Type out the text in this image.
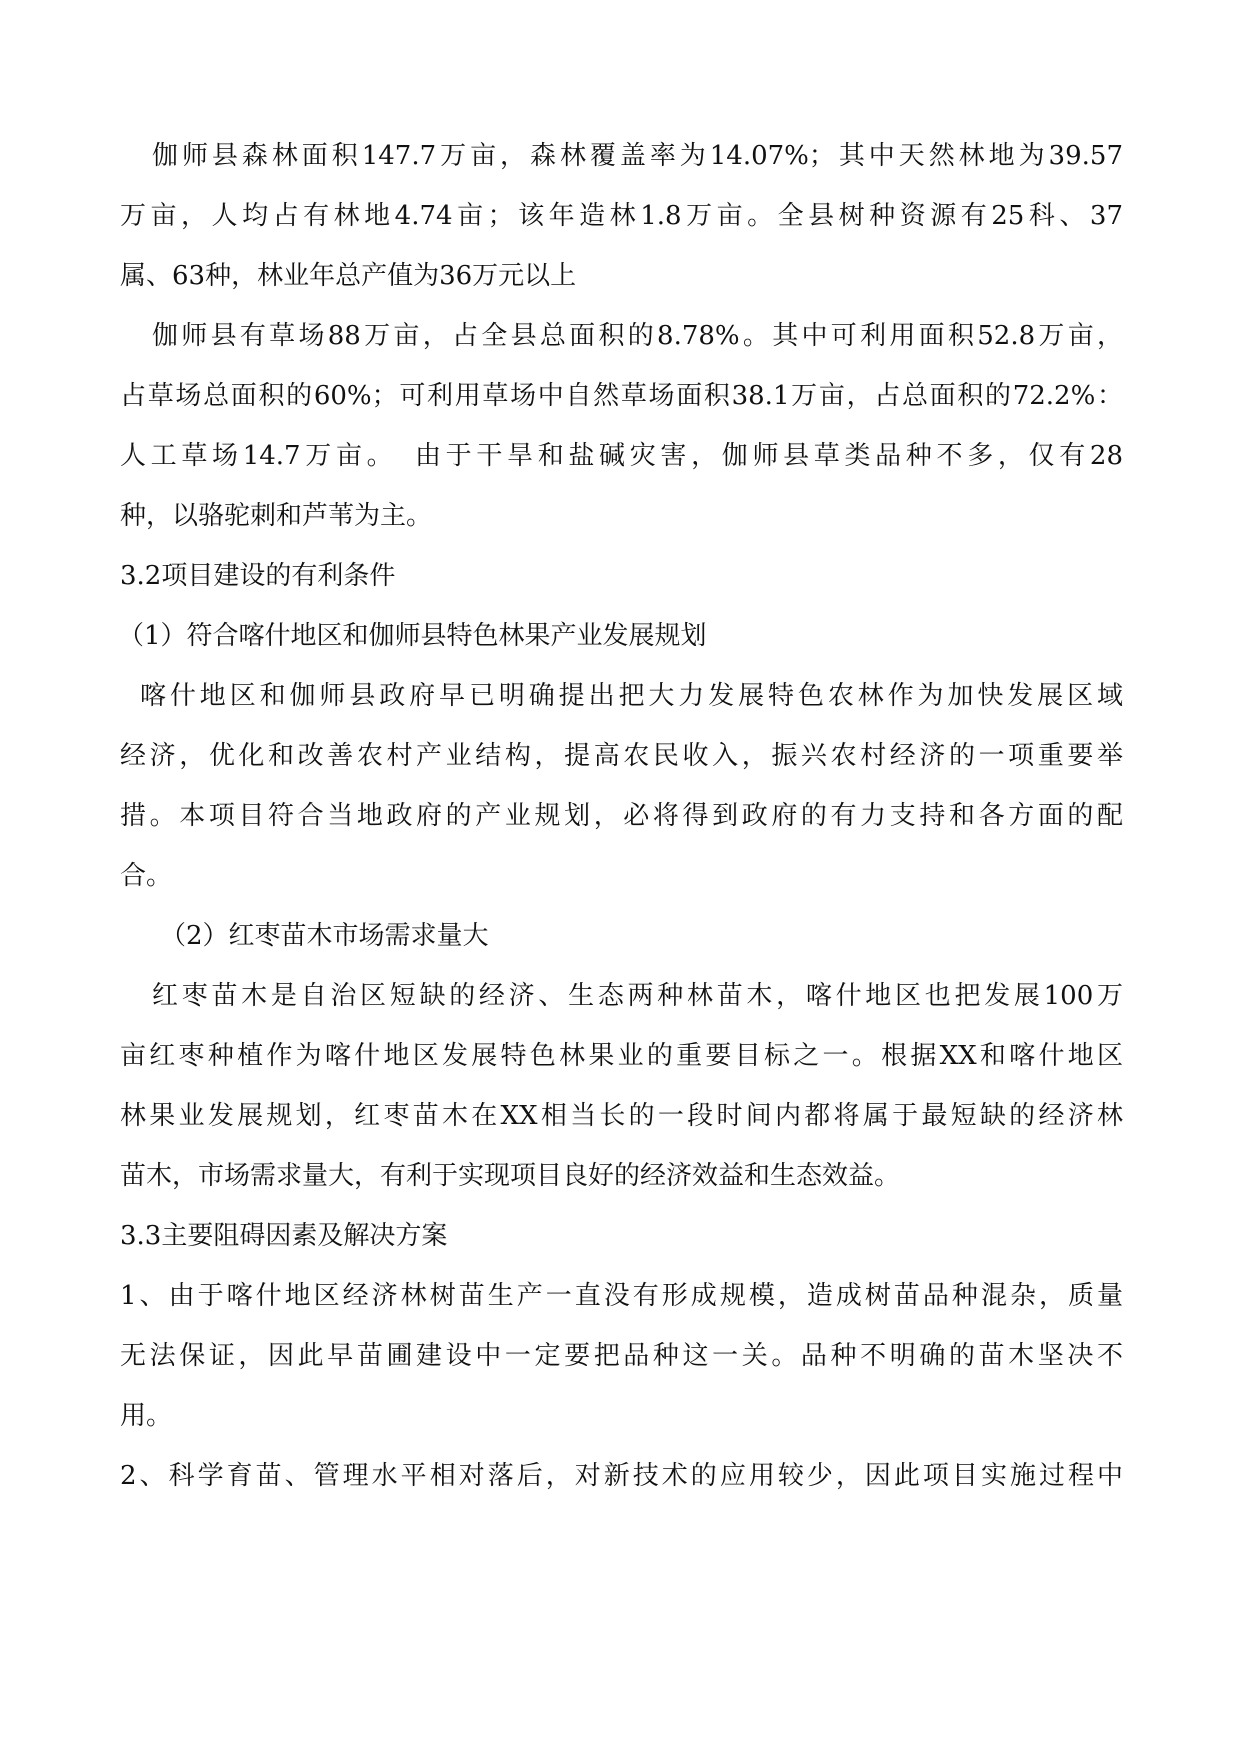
伽师县森林面积147.7万亩，森林覆盖率为14.07%；其中天然林地为39.57
万亩，人均占有林地4.74亩；该年造林1.8万亩。全县树种资源有25科、37
属、63种，林业年总产值为36万元以上
伽师县有草场88万亩，占全县总面积的8.78%。其中可利用面积52.8万亩，
占草场总面积的60%；可利用草场中自然草场面积38.1万亩，占总面积的72.2%：
人工草场14.7万亩。　由于干旱和盐碱灾害，伽师县草类品种不多，仅有28
种，以骆驼刺和芦苇为主。
3.2项目建设的有利条件
（1）符合喀什地区和伽师县特色林果产业发展规划
喀什地区和伽师县政府早已明确提出把大力发展特色农林作为加快发展区域
经济，优化和改善农村产业结构，提高农民收入，振兴农村经济的一项重要举
措。本项目符合当地政府的产业规划，必将得到政府的有力支持和各方面的配
合。
（2）红枣苗木市场需求量大
红枣苗木是自治区短缺的经济、生态两种林苗木，喀什地区也把发展100万
亩红枣种植作为喀什地区发展特色林果业的重要目标之一。根据XX和喀什地区
林果业发展规划，红枣苗木在XX相当长的一段时间内都将属于最短缺的经济林
苗木，市场需求量大，有利于实现项目良好的经济效益和生态效益。
3.3主要阻碍因素及解决方案
1、由于喀什地区经济林树苗生产一直没有形成规模，造成树苗品种混杂，质量
无法保证，因此早苗圃建设中一定要把品种这一关。品种不明确的苗木坚决不
用。
2、科学育苗、管理水平相对落后，对新技术的应用较少，因此项目实施过程中
